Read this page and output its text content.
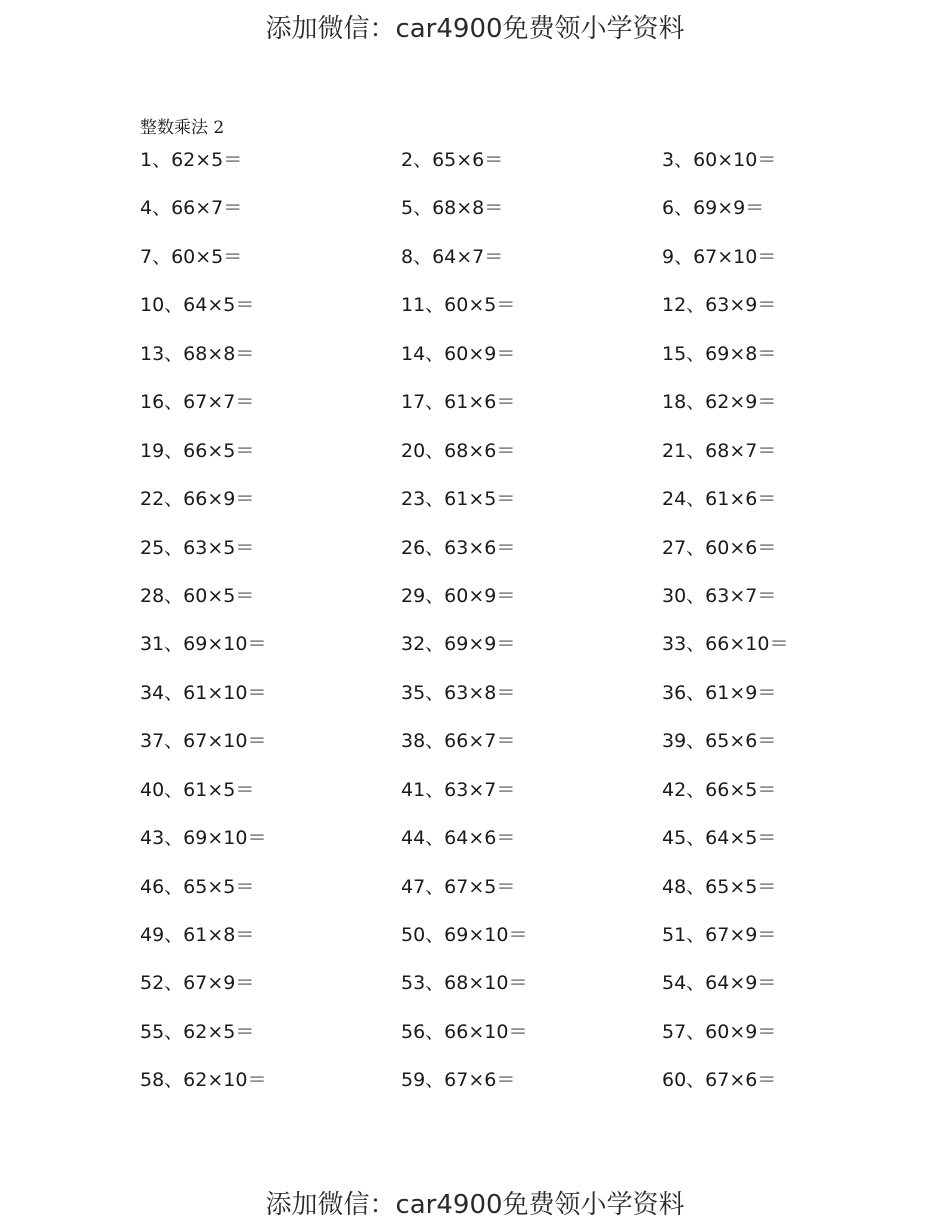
添加微信：car4900免费领小学资料
整数乘法 2
1、62×5＝	2、65×6＝	3、60×10＝
4、66×7＝	5、68×8＝	6、69×9＝
7、60×5＝	8、64×7＝	9、67×10＝
10、64×5＝	11、60×5＝	12、63×9＝
13、68×8＝	14、60×9＝	15、69×8＝
16、67×7＝	17、61×6＝	18、62×9＝
19、66×5＝	20、68×6＝	21、68×7＝
22、66×9＝	23、61×5＝	24、61×6＝
25、63×5＝	26、63×6＝	27、60×6＝
28、60×5＝	29、60×9＝	30、63×7＝
31、69×10＝	32、69×9＝	33、66×10＝
34、61×10＝	35、63×8＝	36、61×9＝
37、67×10＝	38、66×7＝	39、65×6＝
40、61×5＝	41、63×7＝	42、66×5＝
43、69×10＝	44、64×6＝	45、64×5＝
46、65×5＝	47、67×5＝	48、65×5＝
49、61×8＝	50、69×10＝	51、67×9＝
52、67×9＝	53、68×10＝	54、64×9＝
55、62×5＝	56、66×10＝	57、60×9＝
58、62×10＝	59、67×6＝	60、67×6＝
添加微信：car4900免费领小学资料
